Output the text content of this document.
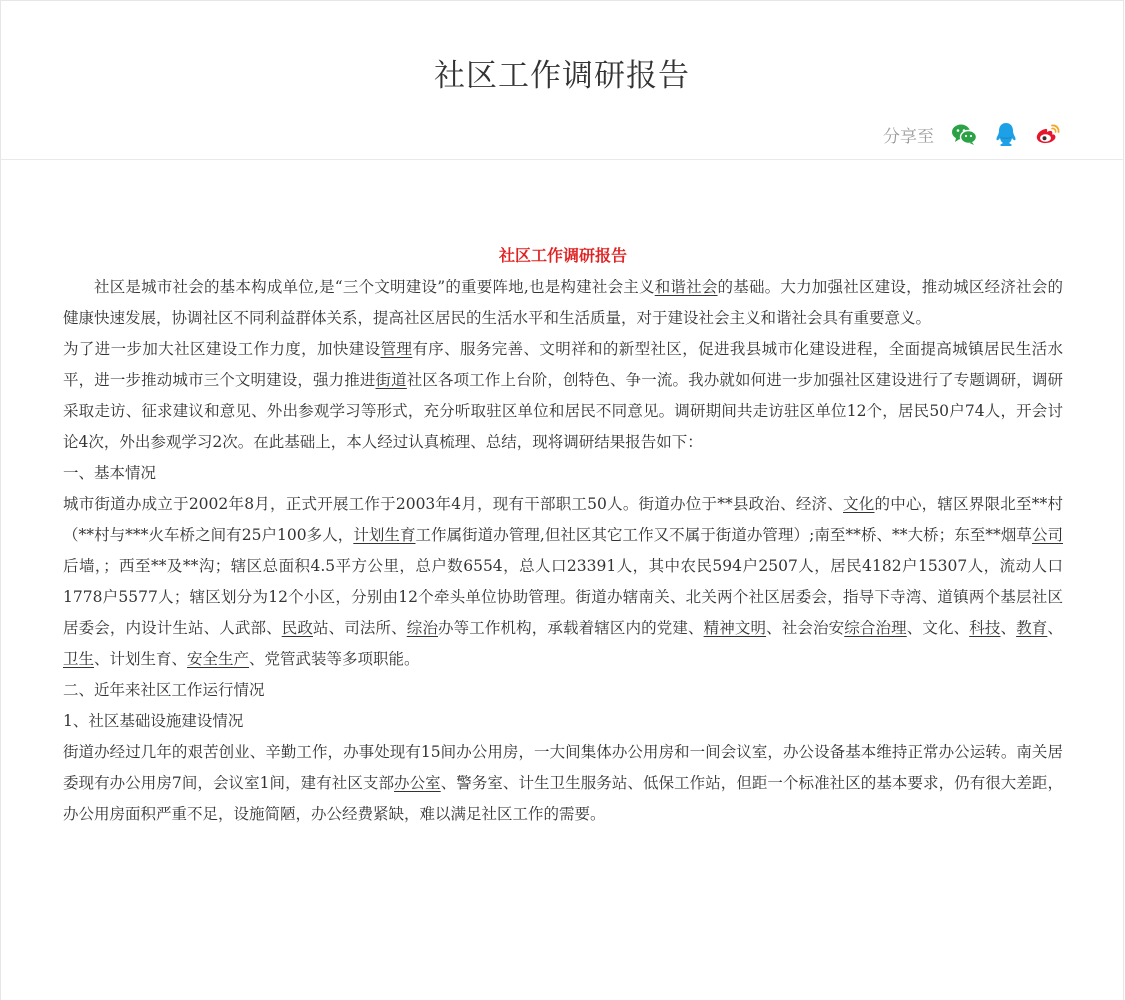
社区工作调研报告
分享至
社区工作调研报告

社区是城市社会的基本构成单位,是“三个文明建设”的重要阵地,也是构建社会主义和谐社会的基础。大力加强社区建设，推动城区经济社会的健康快速发展，协调社区不同利益群体关系，提高社区居民的生活水平和生活质量，对于建设社会主义和谐社会具有重要意义。

为了进一步加大社区建设工作力度，加快建设管理有序、服务完善、文明祥和的新型社区，促进我县城市化建设进程，全面提高城镇居民生活水平，进一步推动城市三个文明建设，强力推进街道社区各项工作上台阶，创特色、争一流。我办就如何进一步加强社区建设进行了专题调研，调研采取走访、征求建议和意见、外出参观学习等形式，充分听取驻区单位和居民不同意见。调研期间共走访驻区单位12个，居民50户74人，开会讨论4次，外出参观学习2次。在此基础上，本人经过认真梳理、总结，现将调研结果报告如下：

一、基本情况

城市街道办成立于2002年8月，正式开展工作于2003年4月，现有干部职工50人。街道办位于**县政治、经济、文化的中心，辖区界限北至**村（**村与***火车桥之间有25户100多人，计划生育工作属街道办管理,但社区其它工作又不属于街道办管理）;南至**桥、**大桥；东至**烟草公司后墙，；西至**及**沟；辖区总面积4.5平方公里，总户数6554，总人口23391人，其中农民594户2507人，居民4182户15307人，流动人口1778户5577人；辖区划分为12个小区，分别由12个牵头单位协助管理。街道办辖南关、北关两个社区居委会，指导下寺湾、道镇两个基层社区居委会，内设计生站、人武部、民政站、司法所、综治办等工作机构，承载着辖区内的党建、精神文明、社会治安综合治理、文化、科技、教育、卫生、计划生育、安全生产、党管武装等多项职能。

二、近年来社区工作运行情况

1、社区基础设施建设情况

街道办经过几年的艰苦创业、辛勤工作，办事处现有15间办公用房，一大间集体办公用房和一间会议室，办公设备基本维持正常办公运转。南关居委现有办公用房7间，会议室1间，建有社区支部办公室、警务室、计生卫生服务站、低保工作站，但距一个标准社区的基本要求，仍有很大差距，办公用房面积严重不足，设施简陋，办公经费紧缺，难以满足社区工作的需要。
